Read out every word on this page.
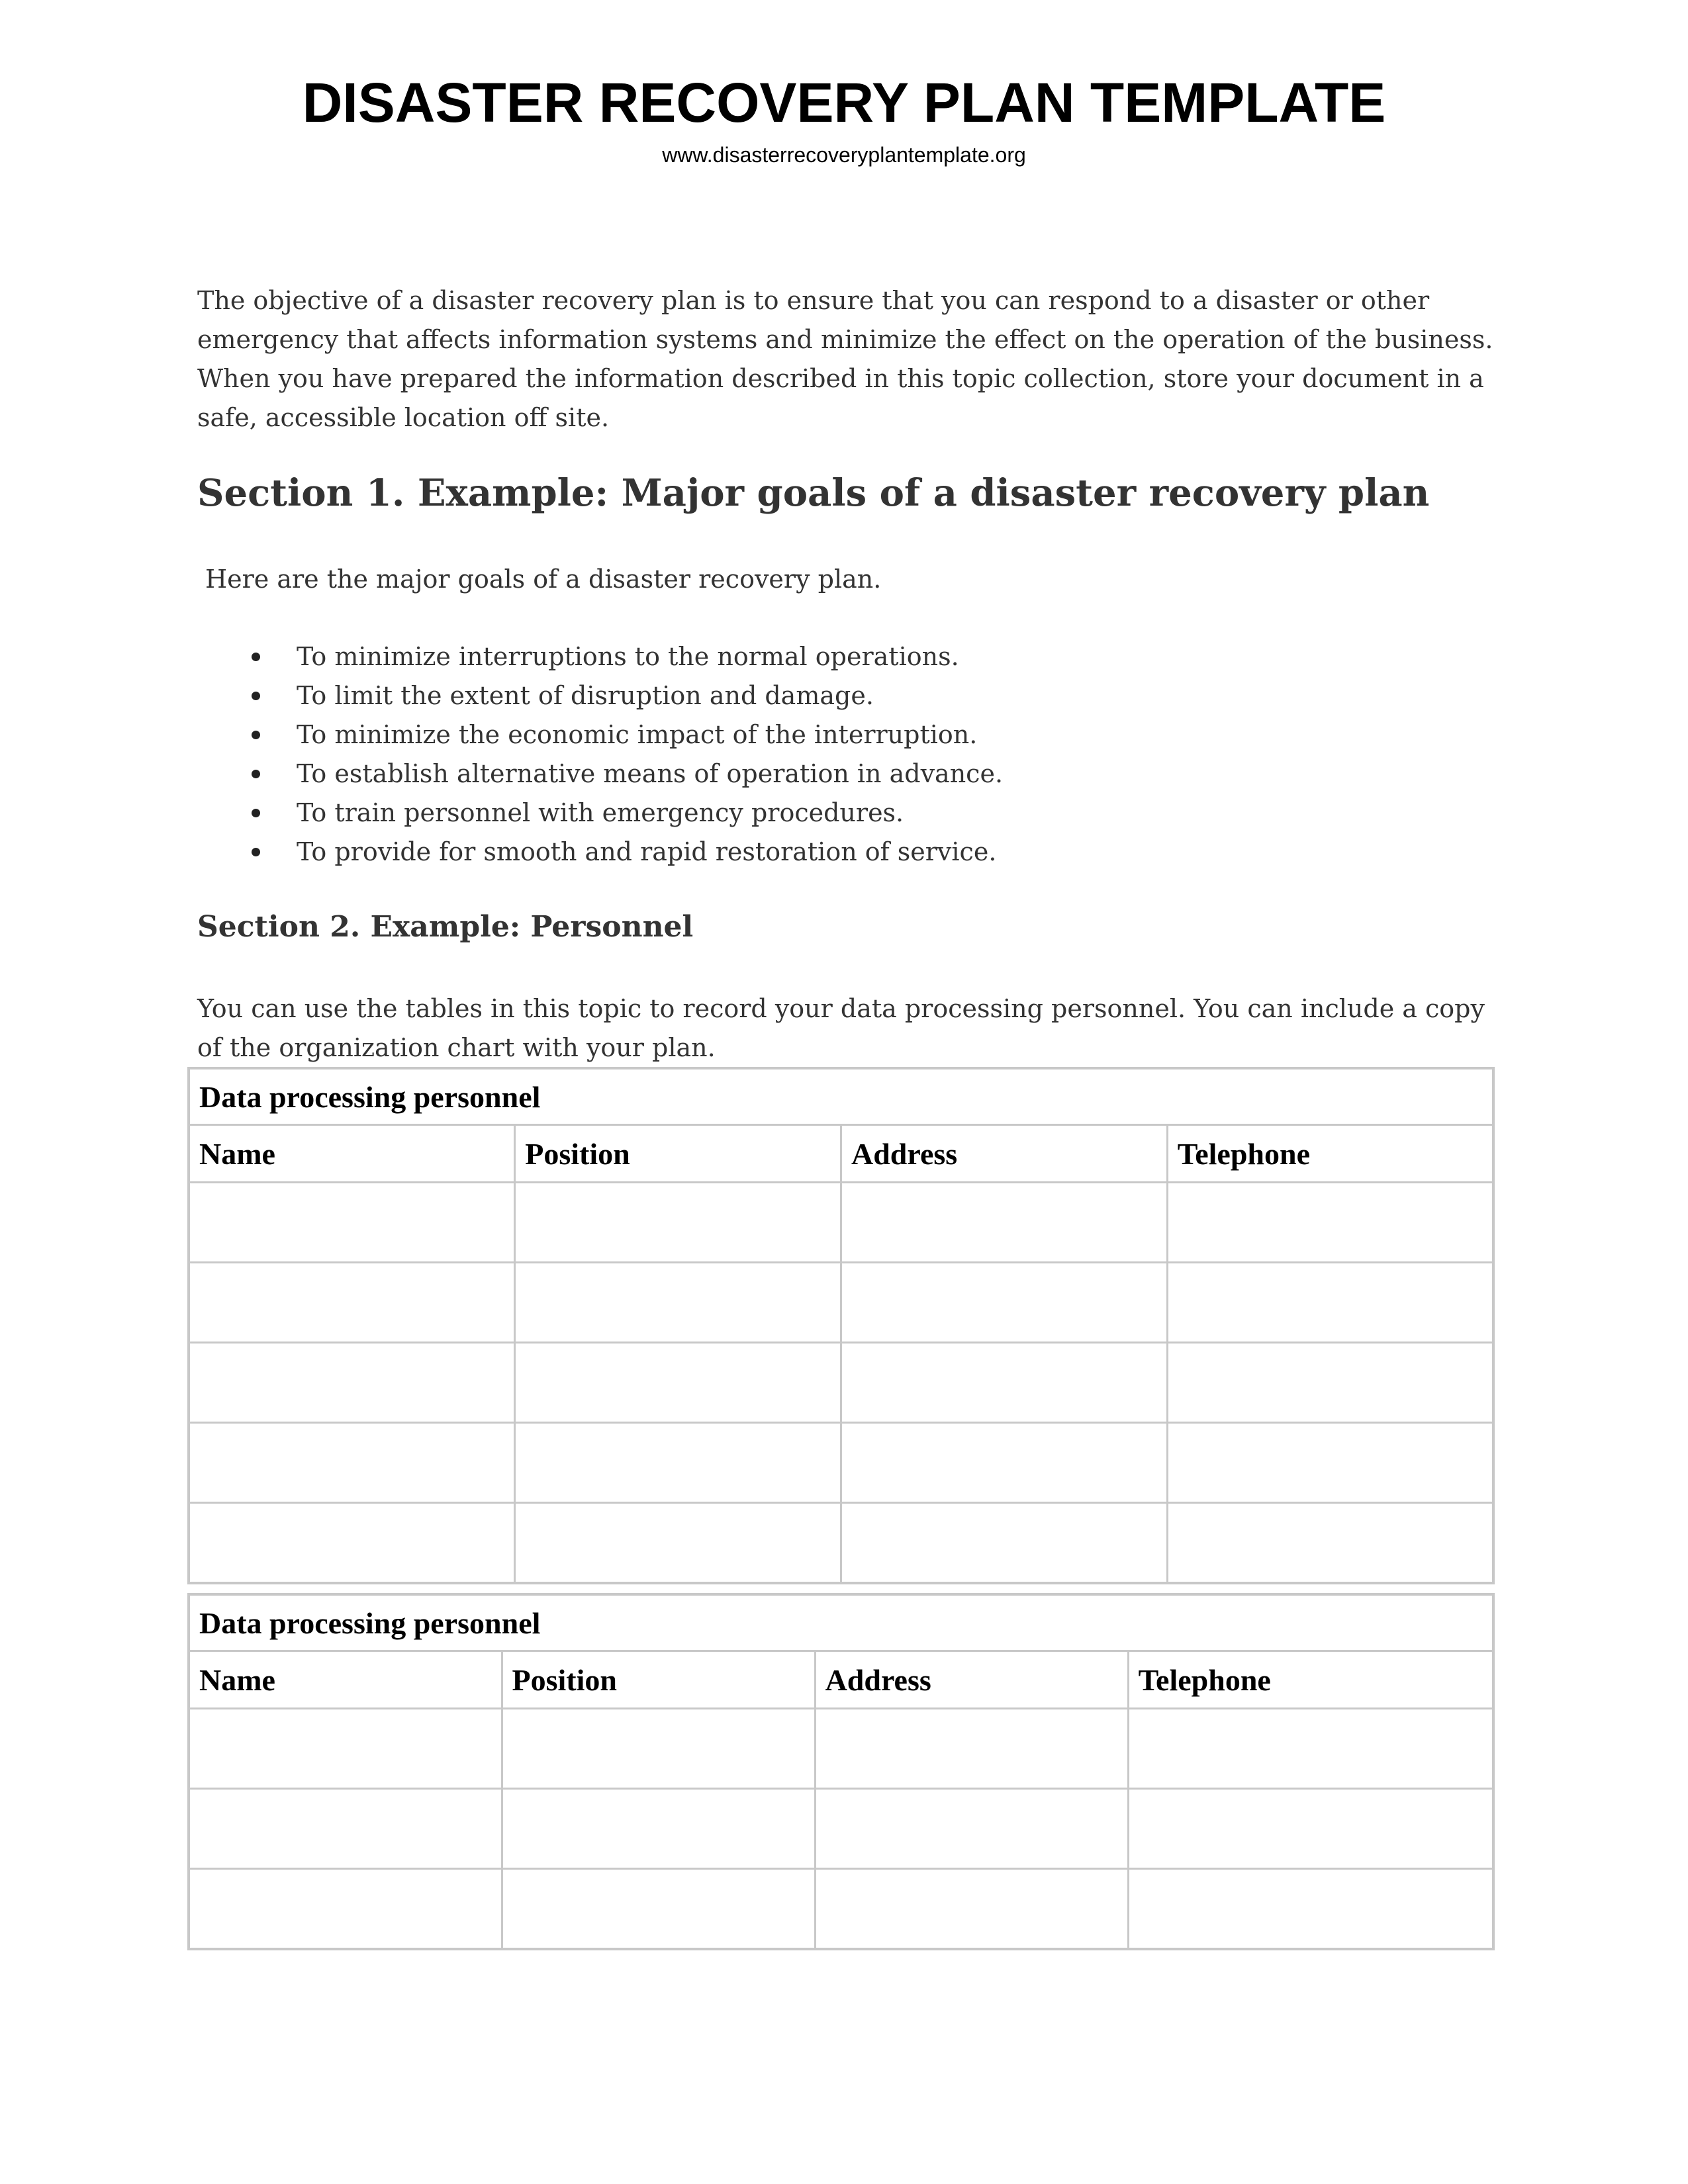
DISASTER RECOVERY PLAN TEMPLATE
www.disasterrecoveryplantemplate.org

The objective of a disaster recovery plan is to ensure that you can respond to a disaster or other emergency that affects information systems and minimize the effect on the operation of the business. When you have prepared the information described in this topic collection, store your document in a safe, accessible location off site.

Section 1. Example: Major goals of a disaster recovery plan
Here are the major goals of a disaster recovery plan.
To minimize interruptions to the normal operations.
To limit the extent of disruption and damage.
To minimize the economic impact of the interruption.
To establish alternative means of operation in advance.
To train personnel with emergency procedures.
To provide for smooth and rapid restoration of service.
Section 2. Example: Personnel

You can use the tables in this topic to record your data processing personnel. You can include a copy of the organization chart with your plan.

Data processing personnel			
Name	Position	Address	Telephone

Data processing personnel			
Name	Position	Address	Telephone
